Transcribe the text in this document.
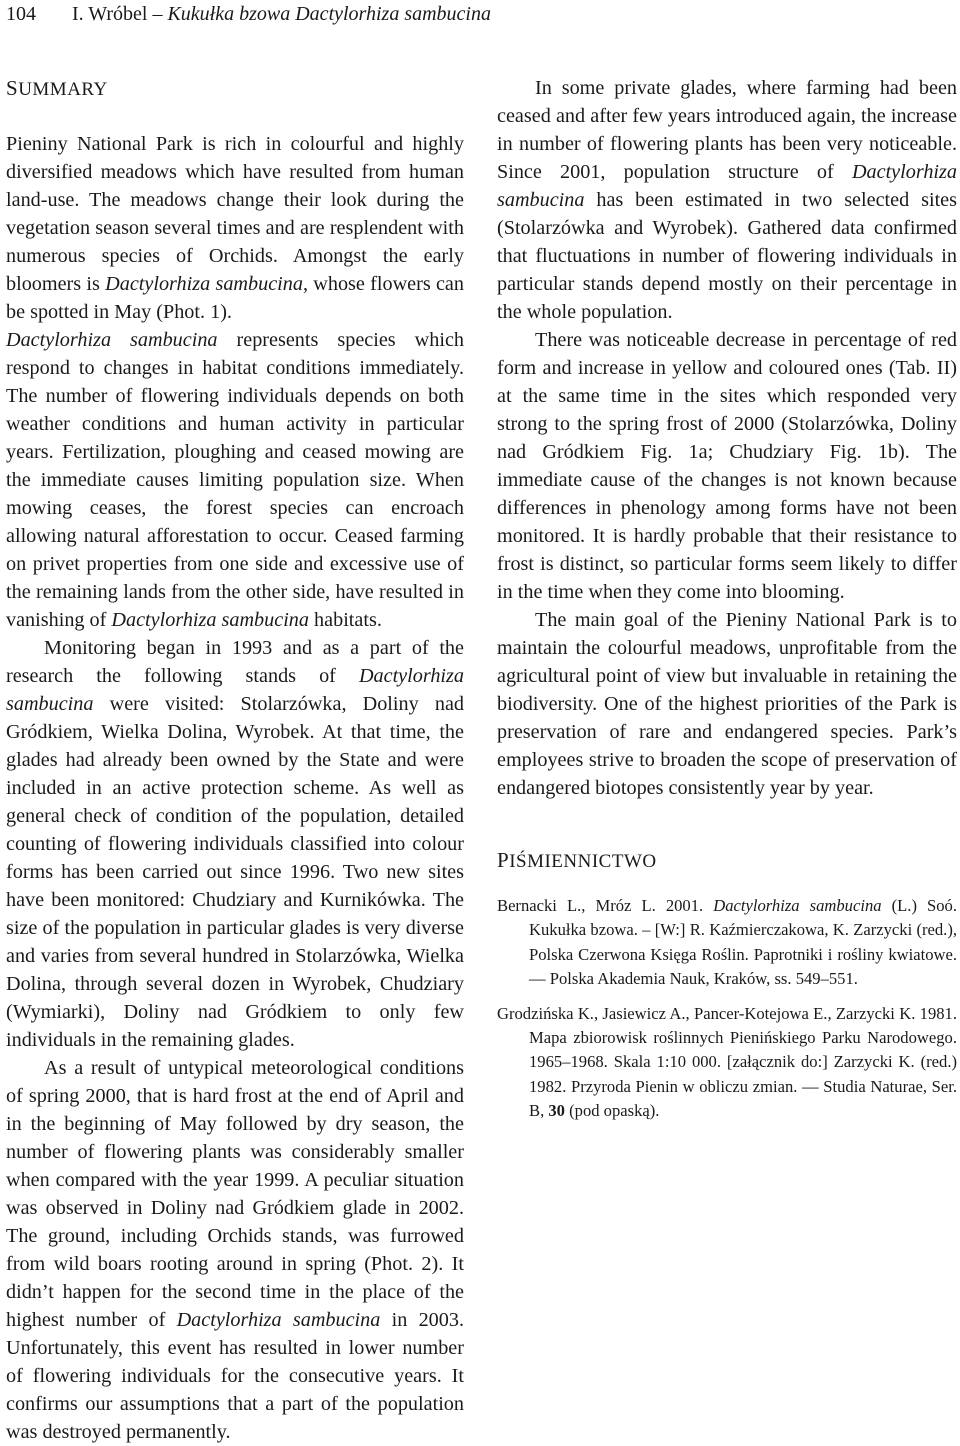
104 I. Wróbel – Kukułka bzowa Dactylorhiza sambucina
SUMMARY

Pieniny National Park is rich in colourful and highly diversified meadows which have resulted from human land-use. The meadows change their look during the vegetation season several times and are resplendent with numerous species of Orchids. Amongst the early bloomers is Dactylorhiza sambucina, whose flowers can be spotted in May (Phot. 1).

Dactylorhiza sambucina represents species which respond to changes in habitat conditions immediately. The number of flowering individuals depends on both weather conditions and human activity in particular years. Fertilization, ploughing and ceased mowing are the immediate causes limiting population size. When mowing ceases, the forest species can encroach allowing natural afforestation to occur. Ceased farming on privet properties from one side and excessive use of the remaining lands from the other side, have resulted in vanishing of Dactylorhiza sambucina habitats.

Monitoring began in 1993 and as a part of the research the following stands of Dactylorhiza sambucina were visited: Stolarzówka, Doliny nad Gródkiem, Wielka Dolina, Wyrobek. At that time, the glades had already been owned by the State and were included in an active protection scheme. As well as general check of condition of the population, detailed counting of flowering individuals classified into colour forms has been carried out since 1996. Two new sites have been monitored: Chudziary and Kurnikówka. The size of the population in particular glades is very diverse and varies from several hundred in Stolarzówka, Wielka Dolina, through several dozen in Wyrobek, Chudziary (Wymiarki), Doliny nad Gródkiem to only few individuals in the remaining glades.

As a result of untypical meteorological conditions of spring 2000, that is hard frost at the end of April and in the beginning of May followed by dry season, the number of flowering plants was considerably smaller when compared with the year 1999. A peculiar situation was observed in Doliny nad Gródkiem glade in 2002. The ground, including Orchids stands, was furrowed from wild boars rooting around in spring (Phot. 2). It didn’t happen for the second time in the place of the highest number of Dactylorhiza sambucina in 2003. Unfortunately, this event has resulted in lower number of flowering individuals for the consecutive years. It confirms our assumptions that a part of the population was destroyed permanently.

In some private glades, where farming had been ceased and after few years introduced again, the increase in number of flowering plants has been very noticeable. Since 2001, population structure of Dactylorhiza sambucina has been estimated in two selected sites (Stolarzówka and Wyrobek). Gathered data confirmed that fluctuations in number of flowering individuals in particular stands depend mostly on their percentage in the whole population.

There was noticeable decrease in percentage of red form and increase in yellow and coloured ones (Tab. II) at the same time in the sites which responded very strong to the spring frost of 2000 (Stolarzówka, Doliny nad Gródkiem Fig. 1a; Chudziary Fig. 1b). The immediate cause of the changes is not known because differences in phenology among forms have not been monitored. It is hardly probable that their resistance to frost is distinct, so particular forms seem likely to differ in the time when they come into blooming.

The main goal of the Pieniny National Park is to maintain the colourful meadows, unprofitable from the agricultural point of view but invaluable in retaining the biodiversity. One of the highest priorities of the Park is preservation of rare and endangered species. Park’s employees strive to broaden the scope of preservation of endangered biotopes consistently year by year.

PIŚMIENNICTWO
Bernacki L., Mróz L. 2001. Dactylorhiza sambucina (L.) Soó. Kukułka bzowa. – [W:] R. Kaźmierczakowa, K. Zarzycki (red.), Polska Czerwona Księga Roślin. Paprotniki i rośliny kwiatowe. — Polska Akademia Nauk, Kraków, ss. 549–551.
Grodzińska K., Jasiewicz A., Pancer-Kotejowa E., Zarzycki K. 1981. Mapa zbiorowisk roślinnych Pienińskiego Parku Narodowego. 1965–1968. Skala 1:10 000. [załącznik do:] Zarzycki K. (red.) 1982. Przyroda Pienin w obliczu zmian. — Studia Naturae, Ser. B, 30 (pod opaską).
